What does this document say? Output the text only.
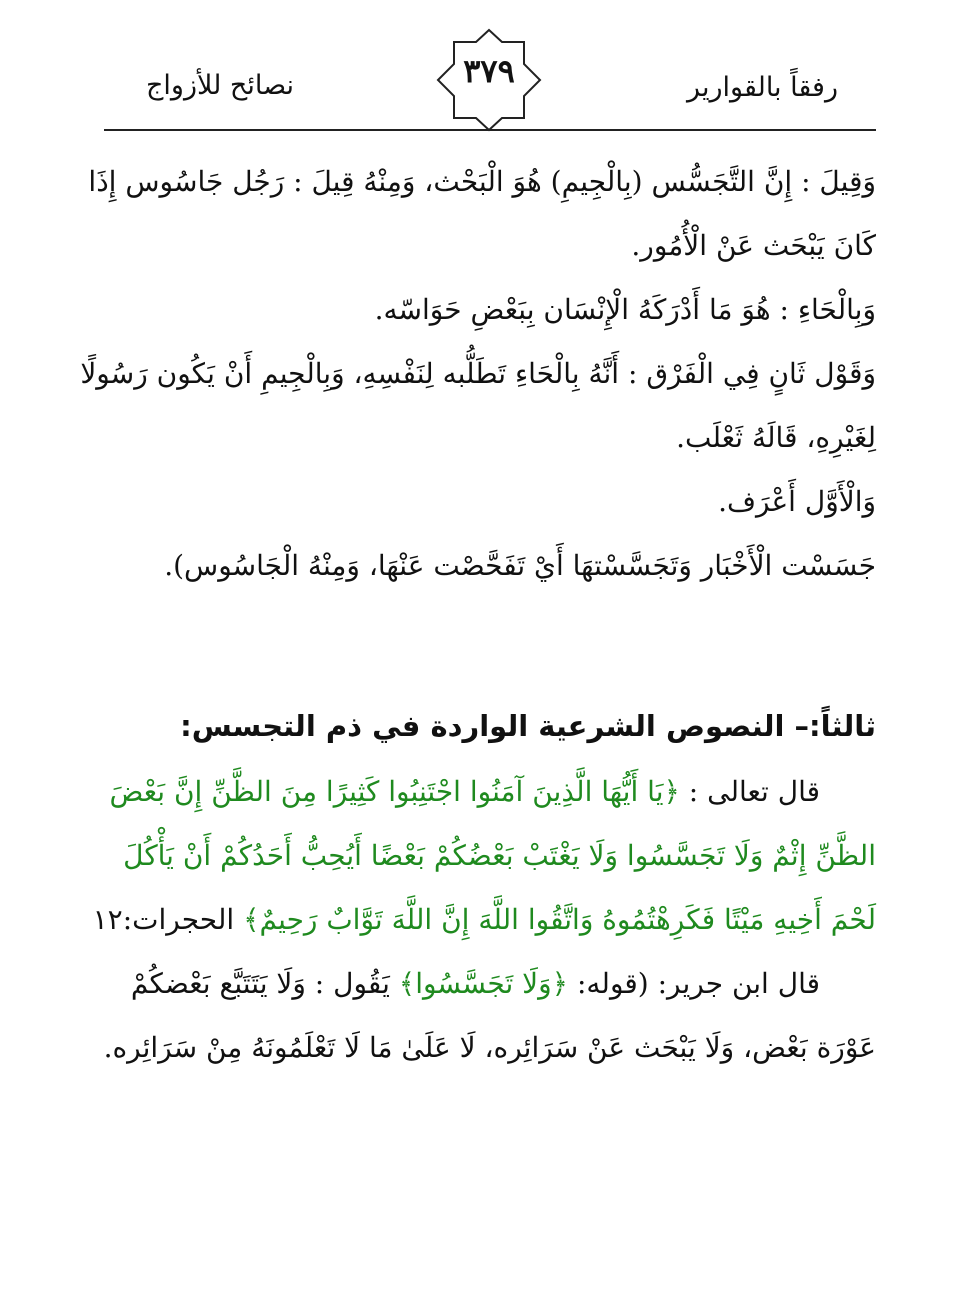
رفقاً بالقوارير
٣٧٩
نصائح للأزواج
وَقِيلَ : إِنَّ التَّجَسُّس (بِالْجِيمِ) هُوَ الْبَحْث، وَمِنْهُ قِيلَ : رَجُل جَاسُوس إِذَا
كَانَ يَبْحَث عَنْ الْأُمُور.
وَبِالْحَاءِ : هُوَ مَا أَدْرَكَهُ الْإِنْسَان بِبَعْضِ حَوَاسّه.
وَقَوْل ثَانٍ فِي الْفَرْق : أَنَّهُ بِالْحَاءِ تَطَلُّبه لِنَفْسِهِ، وَبِالْجِيمِ أَنْ يَكُون رَسُولًا
لِغَيْرِهِ، قَالَهُ ثَعْلَب.
وَالْأَوَّل أَعْرَف.
جَسَسْت الْأَخْبَار وَتَجَسَّسْتهَا أَيْ تَفَحَّصْت عَنْهَا، وَمِنْهُ الْجَاسُوس).
ثالثاً:– النصوص الشرعية الواردة في ذم التجسس:
قال تعالى : ﴿يَا أَيُّهَا الَّذِينَ آمَنُوا اجْتَنِبُوا كَثِيرًا مِنَ الظَّنِّ إِنَّ بَعْضَ
الظَّنِّ إِثْمٌ وَلَا تَجَسَّسُوا وَلَا يَغْتَبْ بَعْضُكُمْ بَعْضًا أَيُحِبُّ أَحَدُكُمْ أَنْ يَأْكُلَ
لَحْمَ أَخِيهِ مَيْتًا فَكَرِهْتُمُوهُ وَاتَّقُوا اللَّهَ إِنَّ اللَّهَ تَوَّابٌ رَحِيمٌ﴾ الحجرات:١٢
قال ابن جرير: (قوله: ﴿وَلَا تَجَسَّسُوا﴾ يَقُول : وَلَا يَتَتَبَّع بَعْضكُمْ
عَوْرَة بَعْض، وَلَا يَبْحَث عَنْ سَرَائِره، لَا عَلَىٰ مَا لَا تَعْلَمُونَهُ مِنْ سَرَائِره.
